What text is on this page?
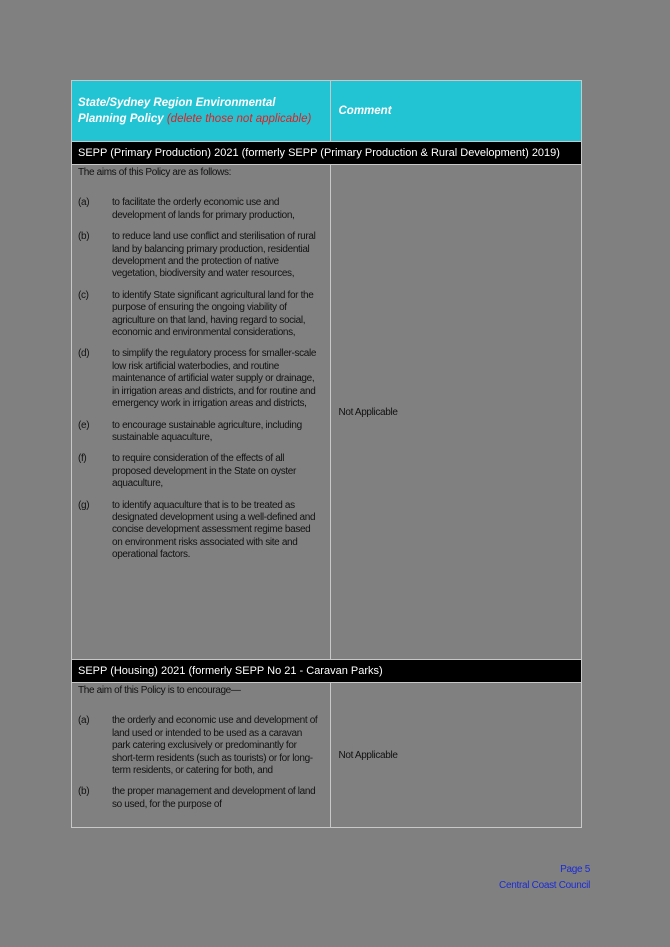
State/Sydney Region Environmental Planning Policy (delete those not applicable)	Comment
SEPP (Primary Production) 2021 (formerly SEPP (Primary Production & Rural Development) 2019)	

The aims of this Policy are as follows:
(a)	to facilitate the orderly economic use and development of lands for primary production,
(b)	to reduce land use conflict and sterilisation of rural land by balancing primary production, residential development and the protection of native vegetation, biodiversity and water resources,
(c)	to identify State significant agricultural land for the purpose of ensuring the ongoing viability of agriculture on that land, having regard to social, economic and environmental considerations,
(d)	to simplify the regulatory process for smaller-scale low risk artificial waterbodies, and routine maintenance of artificial water supply or drainage, in irrigation areas and districts, and for routine and emergency work in irrigation areas and districts,
(e)	to encourage sustainable agriculture, including sustainable aquaculture,
(f)	to require consideration of the effects of all proposed development in the State on oyster aquaculture,
(g)	to identify aquaculture that is to be treated as designated development using a well-defined and concise development assessment regime based on environment risks associated with site and operational factors.
	Not Applicable
SEPP (Housing) 2021 (formerly SEPP No 21 - Caravan Parks)	

The aim of this Policy is to encourage—
(a) the orderly and economic use and development of land used or intended to be used as a caravan park catering exclusively or predominantly for short-term residents (such as tourists) or for long-term residents, or catering for both, and
(b) the proper management and development of land so used, for the purpose of	Not Applicable
Page 5
Central Coast Council
